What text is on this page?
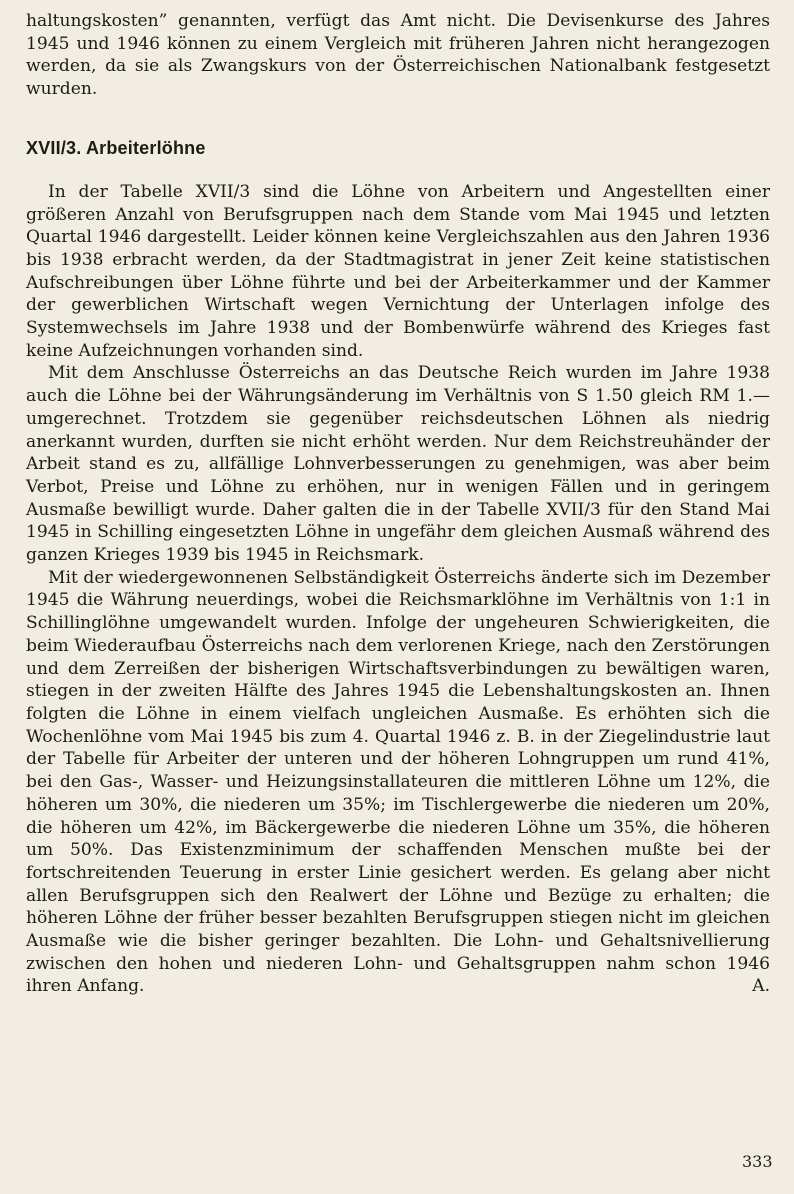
haltungskosten” genannten, verfügt das Amt nicht. Die Devisenkurse des Jahres 1945 und 1946 können zu einem Vergleich mit früheren Jahren nicht herangezogen werden, da sie als Zwangskurs von der Österreichischen Nationalbank festgesetzt wurden.

XVII/3. Arbeiterlöhne

In der Tabelle XVII/3 sind die Löhne von Arbeitern und Angestellten einer größeren Anzahl von Berufsgruppen nach dem Stande vom Mai 1945 und letzten Quartal 1946 dargestellt. Leider können keine Vergleichszahlen aus den Jahren 1936 bis 1938 erbracht werden, da der Stadtmagistrat in jener Zeit keine statistischen Aufschreibungen über Löhne führte und bei der Arbeiterkammer und der Kammer der gewerblichen Wirtschaft wegen Vernichtung der Unterlagen infolge des Systemwechsels im Jahre 1938 und der Bombenwürfe während des Krieges fast keine Aufzeichnungen vorhanden sind.

Mit dem Anschlusse Österreichs an das Deutsche Reich wurden im Jahre 1938 auch die Löhne bei der Währungsänderung im Verhältnis von S 1.50 gleich RM 1.— umgerechnet. Trotzdem sie gegenüber reichsdeutschen Löhnen als niedrig anerkannt wurden, durften sie nicht erhöht werden. Nur dem Reichstreuhänder der Arbeit stand es zu, allfällige Lohnverbesserungen zu genehmigen, was aber beim Verbot, Preise und Löhne zu erhöhen, nur in wenigen Fällen und in geringem Ausmaße bewilligt wurde. Daher galten die in der Tabelle XVII/3 für den Stand Mai 1945 in Schilling eingesetzten Löhne in ungefähr dem gleichen Ausmaß während des ganzen Krieges 1939 bis 1945 in Reichsmark.

Mit der wiedergewonnenen Selbständigkeit Österreichs änderte sich im Dezember 1945 die Währung neuerdings, wobei die Reichsmarklöhne im Verhältnis von 1:1 in Schillinglöhne umgewandelt wurden. Infolge der ungeheuren Schwierigkeiten, die beim Wiederaufbau Österreichs nach dem verlorenen Kriege, nach den Zerstörungen und dem Zerreißen der bisherigen Wirtschaftsverbindungen zu bewältigen waren, stiegen in der zweiten Hälfte des Jahres 1945 die Lebenshaltungskosten an. Ihnen folgten die Löhne in einem vielfach ungleichen Ausmaße. Es erhöhten sich die Wochenlöhne vom Mai 1945 bis zum 4. Quartal 1946 z. B. in der Ziegelindustrie laut der Tabelle für Arbeiter der unteren und der höheren Lohngruppen um rund 41%, bei den Gas-, Wasser- und Heizungsinstallateuren die mittleren Löhne um 12%, die höheren um 30%, die niederen um 35%; im Tischlergewerbe die niederen um 20%, die höheren um 42%, im Bäckergewerbe die niederen Löhne um 35%, die höheren um 50%. Das Existenzminimum der schaffenden Menschen mußte bei der fortschreitenden Teuerung in erster Linie gesichert werden. Es gelang aber nicht allen Berufsgruppen sich den Realwert der Löhne und Bezüge zu erhalten; die höheren Löhne der früher besser bezahlten Berufsgruppen stiegen nicht im gleichen Ausmaße wie die bisher geringer bezahlten. Die Lohn- und Gehaltsnivellierung zwischen den hohen und niederen Lohn- und Gehaltsgruppen nahm schon 1946 ihren Anfang.	A.

333
